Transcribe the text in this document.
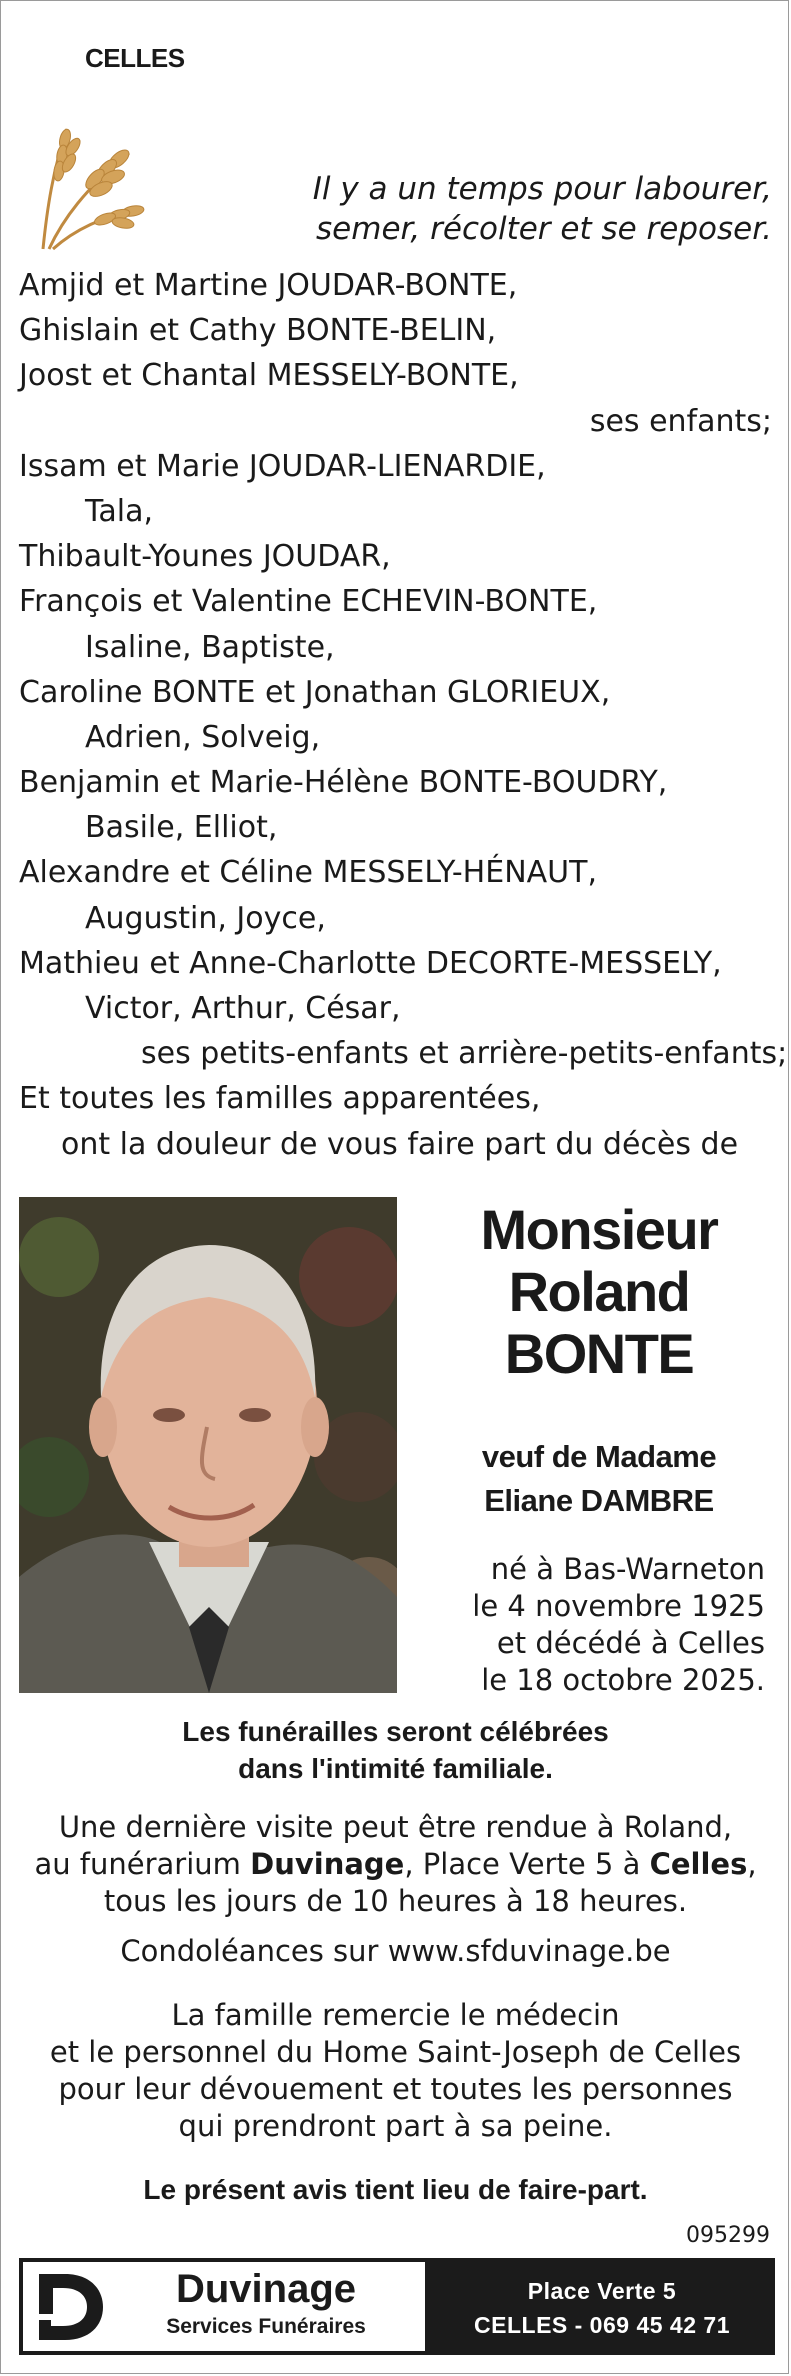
CELLES
Il y a un temps pour labourer,
semer, récolter et se reposer.
Amjid et Martine JOUDAR-BONTE,
Ghislain et Cathy BONTE-BELIN,
Joost et Chantal MESSELY-BONTE,
ses enfants;
Issam et Marie JOUDAR-LIENARDIE,
Tala,
Thibault-Younes JOUDAR,
François et Valentine ECHEVIN-BONTE,
Isaline, Baptiste,
Caroline BONTE et Jonathan GLORIEUX,
Adrien, Solveig,
Benjamin et Marie-Hélène BONTE-BOUDRY,
Basile, Elliot,
Alexandre et Céline MESSELY-HÉNAUT,
Augustin, Joyce,
Mathieu et Anne-Charlotte DECORTE-MESSELY,
Victor, Arthur, César,
ses petits-enfants et arrière-petits-enfants;
Et toutes les familles apparentées,
ont la douleur de vous faire part du décès de
Monsieur
Roland
BONTE
veuf de Madame
Eliane DAMBRE
né à Bas-Warneton
le 4 novembre 1925
et décédé à Celles
le 18 octobre 2025.
Les funérailles seront célébrées
dans l'intimité familiale.
Une dernière visite peut être rendue à Roland,
au funérarium Duvinage, Place Verte 5 à Celles,
tous les jours de 10 heures à 18 heures.
Condoléances sur www.sfduvinage.be
La famille remercie le médecin
et le personnel du Home Saint-Joseph de Celles
pour leur dévouement et toutes les personnes
qui prendront part à sa peine.
Le présent avis tient lieu de faire-part.
095299
Duvinage
Services Funéraires
Place Verte 5
CELLES - 069 45 42 71
